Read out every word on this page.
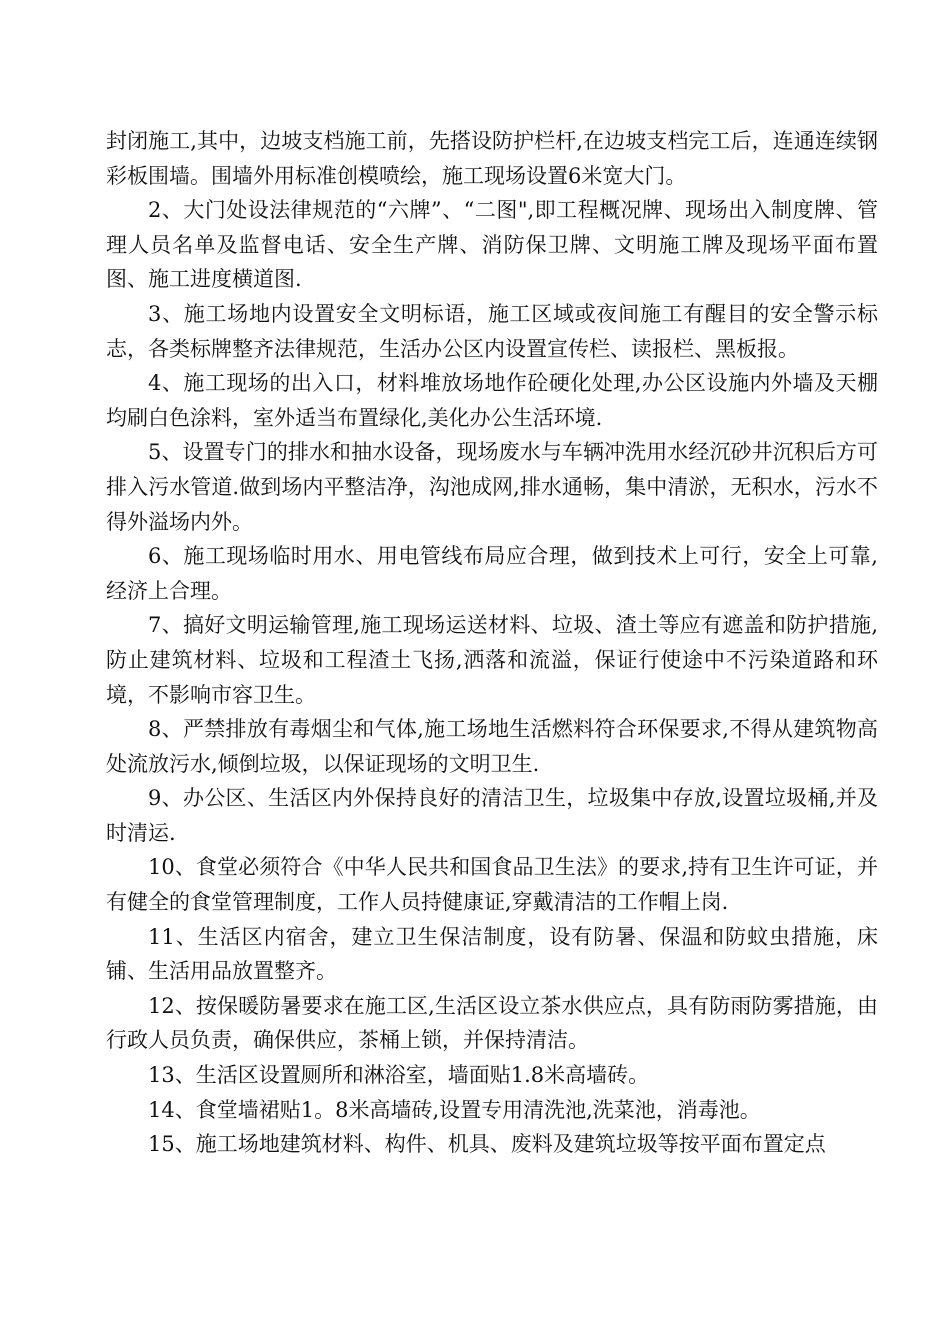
封闭施工,其中，边坡支档施工前，先搭设防护栏杆,在边坡支档完工后，连通连续钢彩板围墙。围墙外用标准创模喷绘，施工现场设置6米宽大门。

2、大门处设法律规范的“六牌”、“二图",即工程概况牌、现场出入制度牌、管理人员名单及监督电话、安全生产牌、消防保卫牌、文明施工牌及现场平面布置图、施工进度横道图.

3、施工场地内设置安全文明标语，施工区域或夜间施工有醒目的安全警示标志，各类标牌整齐法律规范，生活办公区内设置宣传栏、读报栏、黑板报。

4、施工现场的出入口，材料堆放场地作砼硬化处理,办公区设施内外墙及天棚均刷白色涂料，室外适当布置绿化,美化办公生活环境.

5、设置专门的排水和抽水设备，现场废水与车辆冲洗用水经沉砂井沉积后方可排入污水管道.做到场内平整洁净，沟池成网,排水通畅，集中清淤，无积水，污水不得外溢场内外。

6、施工现场临时用水、用电管线布局应合理，做到技术上可行，安全上可靠,经济上合理。

7、搞好文明运输管理,施工现场运送材料、垃圾、渣土等应有遮盖和防护措施,防止建筑材料、垃圾和工程渣土飞扬,洒落和流溢，保证行使途中不污染道路和环境，不影响市容卫生。

8、严禁排放有毒烟尘和气体,施工场地生活燃料符合环保要求,不得从建筑物高处流放污水,倾倒垃圾，以保证现场的文明卫生.

9、办公区、生活区内外保持良好的清洁卫生，垃圾集中存放,设置垃圾桶,并及时清运.

10、食堂必须符合《中华人民共和国食品卫生法》的要求,持有卫生许可证，并有健全的食堂管理制度，工作人员持健康证,穿戴清洁的工作帽上岗.

11、生活区内宿舍，建立卫生保洁制度，设有防暑、保温和防蚊虫措施，床铺、生活用品放置整齐。

12、按保暖防暑要求在施工区,生活区设立茶水供应点，具有防雨防雾措施，由行政人员负责，确保供应，茶桶上锁，并保持清洁。

13、生活区设置厕所和淋浴室，墙面贴1.8米高墙砖。

14、食堂墙裙贴1。8米高墙砖,设置专用清洗池,洗菜池，消毒池。

15、施工场地建筑材料、构件、机具、废料及建筑垃圾等按平面布置定点
